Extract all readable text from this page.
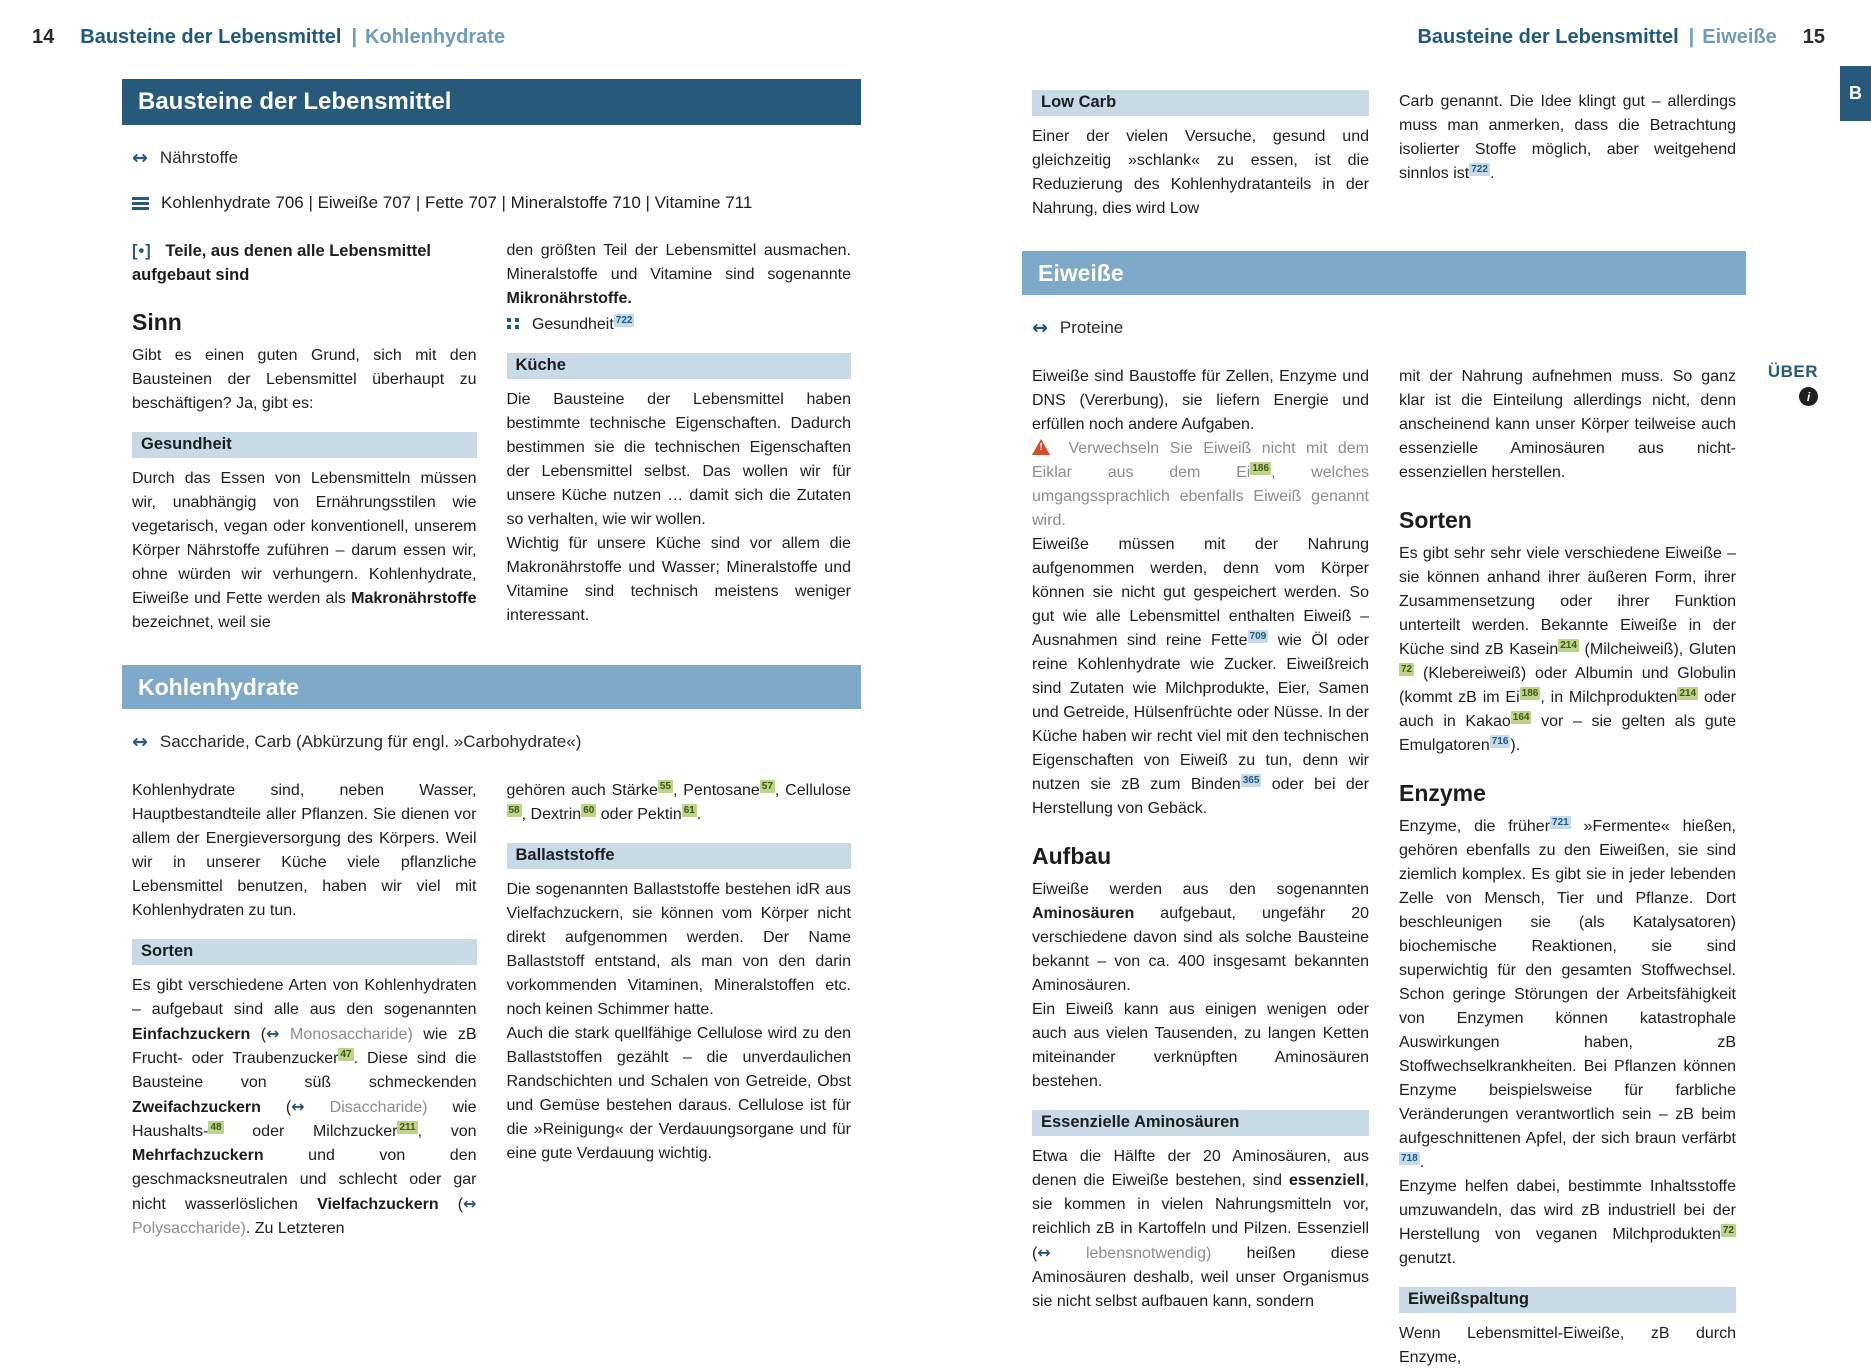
14 Bausteine der Lebensmittel | Kohlenhydrate	Bausteine der Lebensmittel | Eiweiße 15
B
ÜBER
i
Bausteine der Lebensmittel
↔ Nährstoffe
Kohlenhydrate 706 | Eiweiße 707 | Fette 707 | Mineralstoffe 710 | Vitamine 711

[•] Teile, aus denen alle Lebensmittel aufgebaut sind

Sinn

Gibt es einen guten Grund, sich mit den Bausteinen der Lebensmittel überhaupt zu beschäftigen? Ja, gibt es:

Gesundheit

Durch das Essen von Lebensmitteln müssen wir, unabhängig von Ernährungsstilen wie vegetarisch, vegan oder konventionell, unserem Körper Nährstoffe zuführen – darum essen wir, ohne würden wir verhungern. Kohlenhydrate, Eiweiße und Fette werden als Makronährstoffe bezeichnet, weil sie

den größten Teil der Lebensmittel ausmachen. Mineralstoffe und Vitamine sind sogenannte Mikronährstoffe.

Gesundheit $^{722}$

Küche

Die Bausteine der Lebensmittel haben bestimmte technische Eigenschaften. Dadurch bestimmen sie die technischen Eigenschaften der Lebensmittel selbst. Das wollen wir für unsere Küche nutzen … damit sich die Zutaten so verhalten, wie wir wollen.

Wichtig für unsere Küche sind vor allem die Makronährstoffe und Wasser; Mineralstoffe und Vitamine sind technisch meistens weniger interessant.

Kohlenhydrate
↔ Saccharide, Carb (Abkürzung für engl. »Carbohydrate«)

Kohlenhydrate sind, neben Wasser, Hauptbestandteile aller Pflanzen. Sie dienen vor allem der Energieversorgung des Körpers. Weil wir in unserer Küche viele pflanzliche Lebensmittel benutzen, haben wir viel mit Kohlenhydraten zu tun.

Sorten

Es gibt verschiedene Arten von Kohlenhydraten – aufgebaut sind alle aus den sogenannten Einfachzuckern (↔ Monosaccharide) wie zB Frucht- oder Traubenzucker $^{47}$ . Diese sind die Bausteine von süß schmeckenden Zweifachzuckern (↔ Disaccharide) wie Haushalts- $^{48}$ oder Milchzucker $^{211}$ , von Mehrfachzuckern und von den geschmacksneutralen und schlecht oder gar nicht wasserlöslichen Vielfachzuckern (↔ Polysaccharide). Zu Letzteren

gehören auch Stärke $^{55}$ , Pentosane $^{57}$ , Cellulose$^{58}$ , Dextrin $^{60}$ oder Pektin $^{61}$ .

Ballaststoffe

Die sogenannten Ballaststoffe bestehen idR aus Vielfachzuckern, sie können vom Körper nicht direkt aufgenommen werden. Der Name Ballaststoff entstand, als man von den darin vorkommenden Vitaminen, Mineralstoffen etc. noch keinen Schimmer hatte.

Auch die stark quellfähige Cellulose wird zu den Ballaststoffen gezählt – die unverdaulichen Randschichten und Schalen von Getreide, Obst und Gemüse bestehen daraus. Cellulose ist für die »Reinigung« der Verdauungsorgane und für eine gute Verdauung wichtig.

Low Carb

Einer der vielen Versuche, gesund und gleichzeitig »schlank« zu essen, ist die Reduzierung des Kohlenhydratanteils in der Nahrung, dies wird Low

Carb genannt. Die Idee klingt gut – allerdings muss man anmerken, dass die Betrachtung isolierter Stoffe möglich, aber weitgehend sinnlos ist $^{722}$ .

Eiweiße
↔ Proteine

Eiweiße sind Baustoffe für Zellen, Enzyme und DNS (Vererbung), sie liefern Energie und erfüllen noch andere Aufgaben.

! Verwechseln Sie Eiweiß nicht mit dem Eiklar aus dem Ei $^{186}$ , welches umgangssprachlich ebenfalls Eiweiß genannt wird.

Eiweiße müssen mit der Nahrung aufgenommen werden, denn vom Körper können sie nicht gut gespeichert werden. So gut wie alle Lebensmittel enthalten Eiweiß – Ausnahmen sind reine Fette $^{709}$ wie Öl oder reine Kohlenhydrate wie Zucker. Eiweißreich sind Zutaten wie Milchprodukte, Eier, Samen und Getreide, Hülsenfrüchte oder Nüsse. In der Küche haben wir recht viel mit den technischen Eigenschaften von Eiweiß zu tun, denn wir nutzen sie zB zum Binden $^{365}$ oder bei der Herstellung von Gebäck.

Aufbau

Eiweiße werden aus den sogenannten Aminosäuren aufgebaut, ungefähr 20 verschiedene davon sind als solche Bausteine bekannt – von ca. 400 insgesamt bekannten Aminosäuren.

Ein Eiweiß kann aus einigen wenigen oder auch aus vielen Tausenden, zu langen Ketten miteinander verknüpften Aminosäuren bestehen.

Essenzielle Aminosäuren

Etwa die Hälfte der 20 Aminosäuren, aus denen die Eiweiße bestehen, sind essenziell, sie kommen in vielen Nahrungsmitteln vor, reichlich zB in Kartoffeln und Pilzen. Essenziell (↔ lebensnotwendig) heißen diese Aminosäuren deshalb, weil unser Organismus sie nicht selbst aufbauen kann, sondern

mit der Nahrung aufnehmen muss. So ganz klar ist die Einteilung allerdings nicht, denn anscheinend kann unser Körper teilweise auch essenzielle Aminosäuren aus nicht-essenziellen herstellen.

Sorten

Es gibt sehr sehr viele verschiedene Eiweiße – sie können anhand ihrer äußeren Form, ihrer Zusammensetzung oder ihrer Funktion unterteilt werden. Bekannte Eiweiße in der Küche sind zB Kasein $^{214}$ (Milcheiweiß), Gluten$^{72}$ (Klebereiweiß) oder Albumin und Globulin (kommt zB im Ei $^{186}$ , in Milchprodukten $^{214}$ oder auch in Kakao $^{164}$ vor – sie gelten als gute Emulgatoren $^{716}$ ).

Enzyme

Enzyme, die früher $^{721}$ »Fermente« hießen, gehören ebenfalls zu den Eiweißen, sie sind ziemlich komplex. Es gibt sie in jeder lebenden Zelle von Mensch, Tier und Pflanze. Dort beschleunigen sie (als Katalysatoren) biochemische Reaktionen, sie sind superwichtig für den gesamten Stoffwechsel. Schon geringe Störungen der Arbeitsfähigkeit von Enzymen können katastrophale Auswirkungen haben, zB Stoffwechselkrankheiten. Bei Pflanzen können Enzyme beispielsweise für farbliche Veränderungen verantwortlich sein – zB beim aufgeschnittenen Apfel, der sich braun verfärbt$^{718}$ .

Enzyme helfen dabei, bestimmte Inhaltsstoffe umzuwandeln, das wird zB industriell bei der Herstellung von veganen Milchprodukten $^{72}$ genutzt.

Eiweißspaltung

Wenn Lebensmittel-Eiweiße, zB durch Enzyme,
